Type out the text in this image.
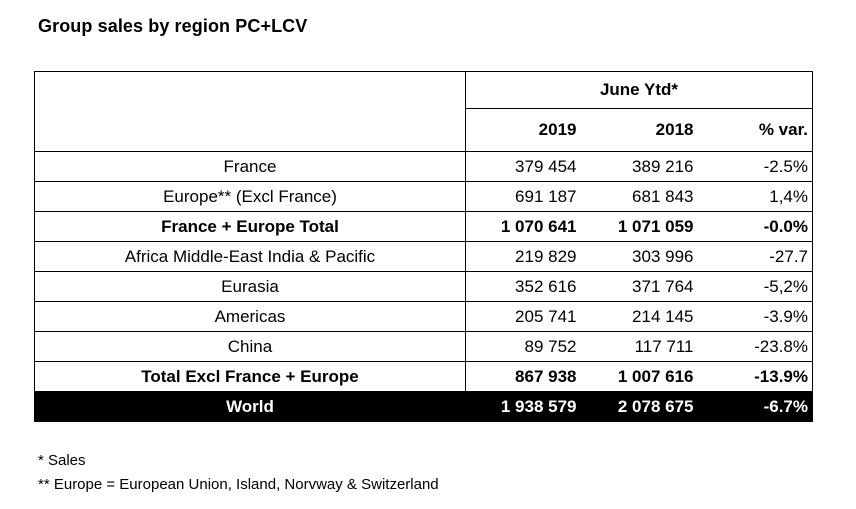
Group sales by region PC+LCV
	June Ytd*		
	2019	2018	% var.
France	379 454	389 216	-2.5%
Europe** (Excl France)	691 187	681 843	1,4%
France + Europe Total	1 070 641	1 071 059	-0.0%
Africa Middle-East India & Pacific	219 829	303 996	-27.7
Eurasia	352 616	371 764	-5,2%
Americas	205 741	214 145	-3.9%
China	89 752	117 711	-23.8%
Total Excl France + Europe	867 938	1 007 616	-13.9%
World	1 938 579	2 078 675	-6.7%
* Sales
** Europe = European Union, Island, Norvway & Switzerland
